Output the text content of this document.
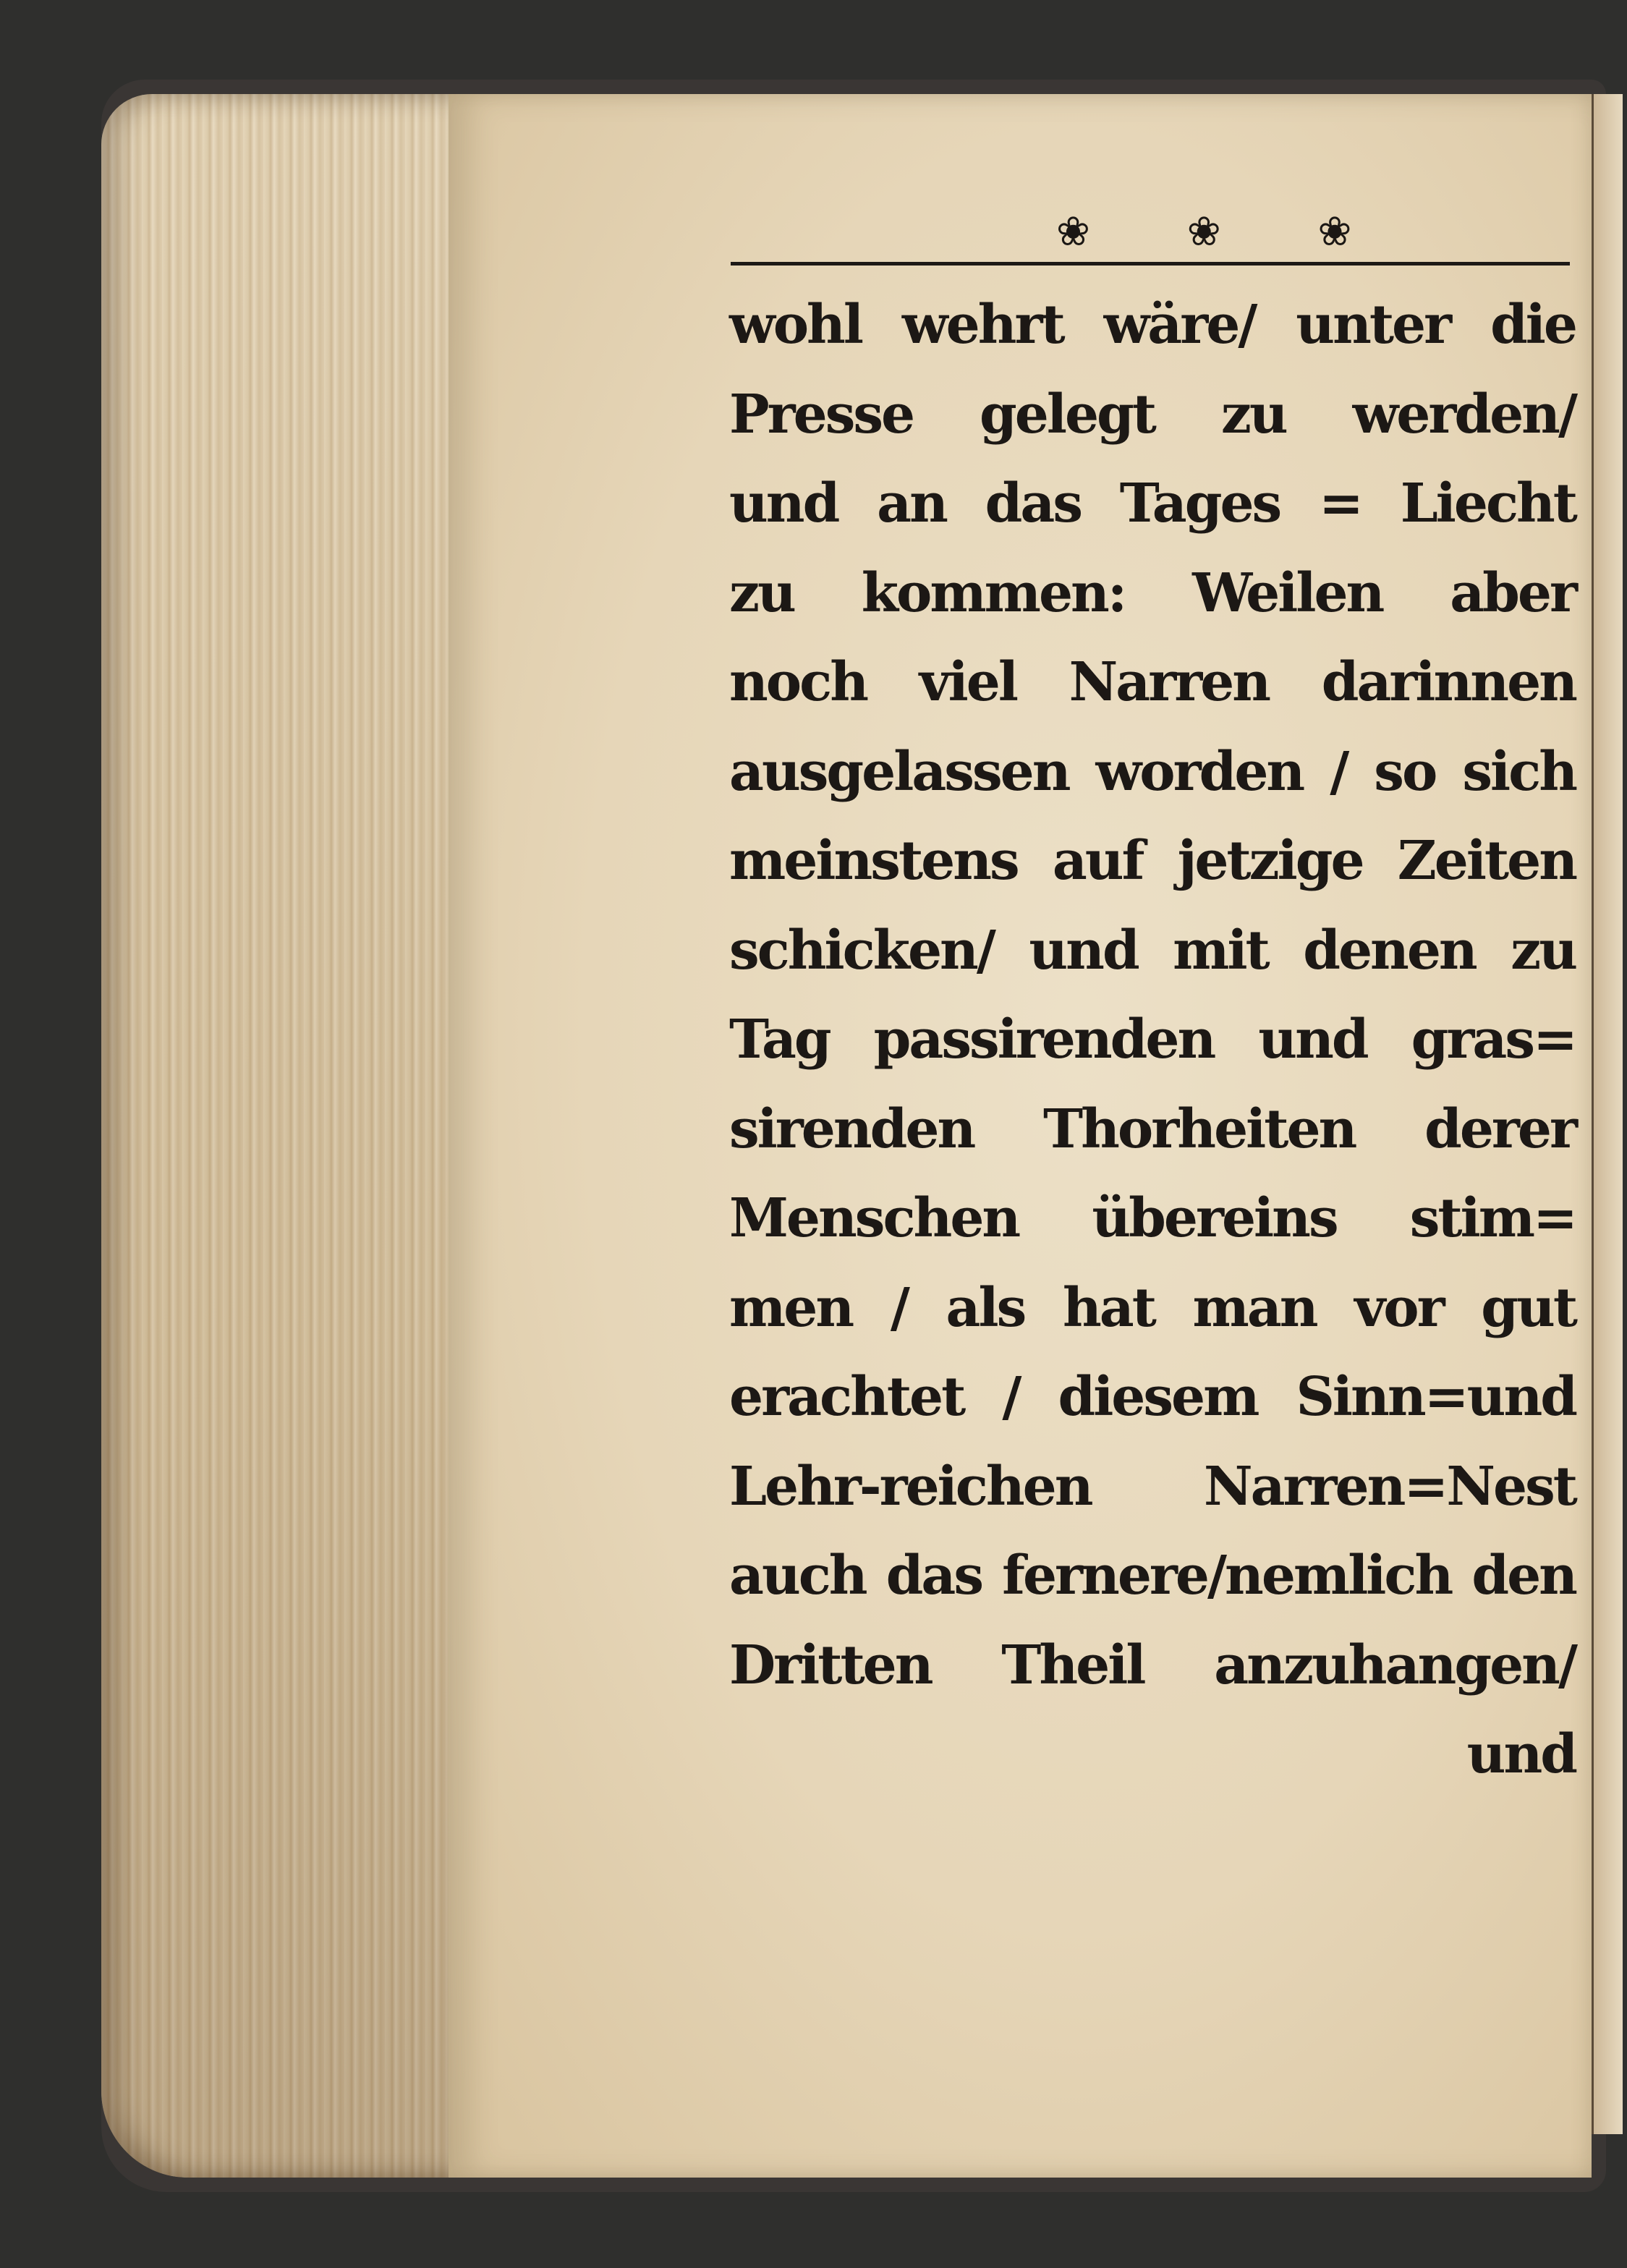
❀ ❀ ❀
wohl wehrt wäre/ unter die
Presse gelegt zu werden/
und an das Tages = Liecht
zu kommen: Weilen aber
noch viel Narren darinnen
ausgelassen worden / so sich
meinstens auf jetzige Zeiten
schicken/ und mit denen zu
Tag passirenden und gras=
sirenden Thorheiten derer
Menschen übereins stim=
men / als hat man vor gut
erachtet / diesem Sinn=und
Lehr-reichen Narren=Nest
auch das fernere/nemlich den
Dritten Theil anzuhangen/
und
